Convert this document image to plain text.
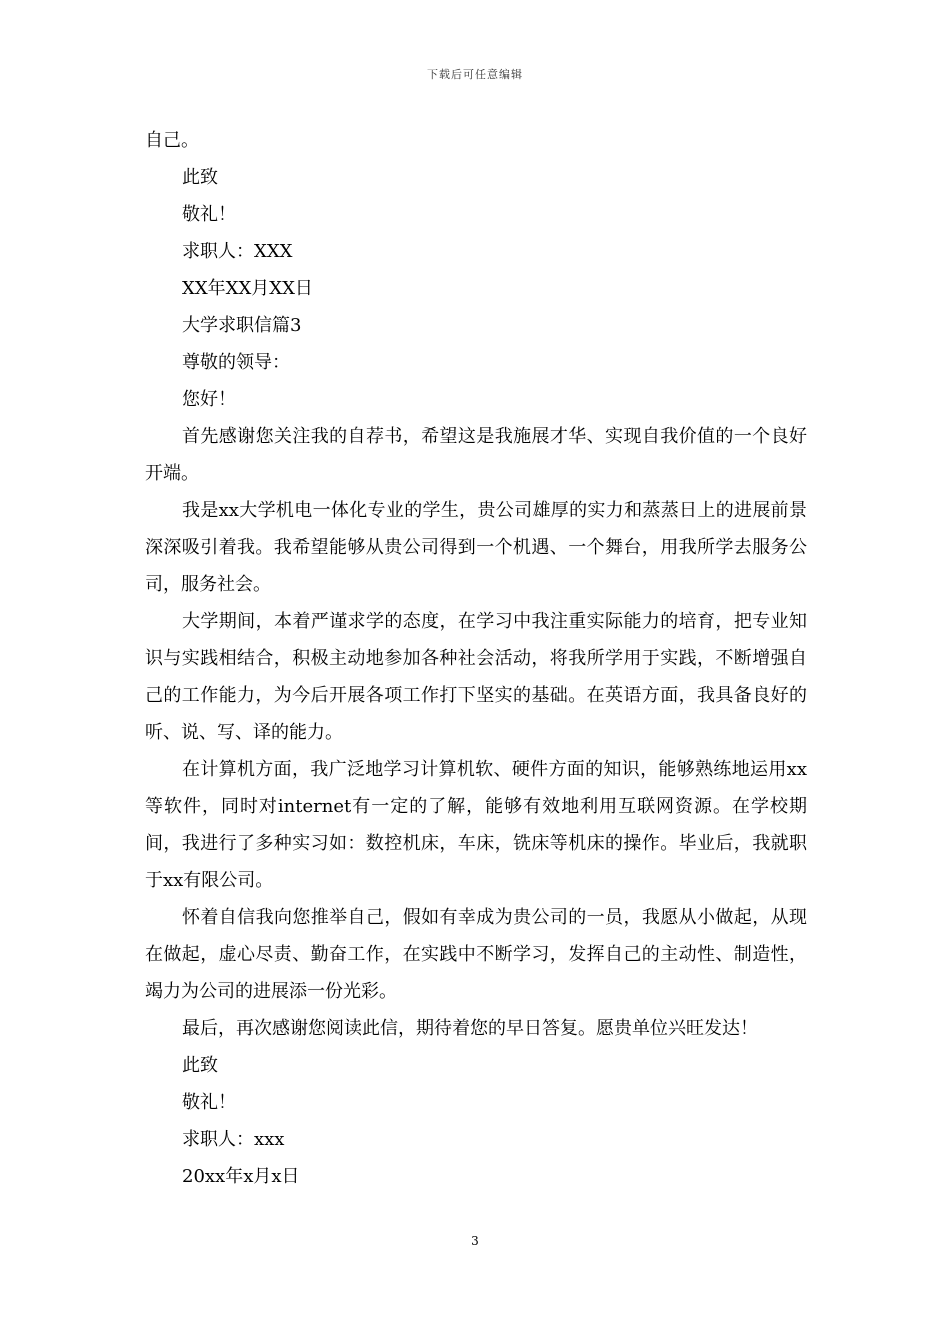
下载后可任意编辑

自己。

此致

敬礼！

求职人：XXX

XX年XX月XX日

大学求职信篇3

尊敬的领导：

您好！

首先感谢您关注我的自荐书，希望这是我施展才华、实现自我价值的一个良好开端。

我是xx大学机电一体化专业的学生，贵公司雄厚的实力和蒸蒸日上的进展前景深深吸引着我。我希望能够从贵公司得到一个机遇、一个舞台，用我所学去服务公司，服务社会。

大学期间，本着严谨求学的态度，在学习中我注重实际能力的培育，把专业知识与实践相结合，积极主动地参加各种社会活动，将我所学用于实践，不断增强自己的工作能力，为今后开展各项工作打下坚实的基础。在英语方面，我具备良好的听、说、写、译的能力。

在计算机方面，我广泛地学习计算机软、硬件方面的知识，能够熟练地运用xx等软件，同时对internet有一定的了解，能够有效地利用互联网资源。在学校期间，我进行了多种实习如：数控机床，车床，铣床等机床的操作。毕业后，我就职于xx有限公司。

怀着自信我向您推举自己，假如有幸成为贵公司的一员，我愿从小做起，从现在做起，虚心尽责、勤奋工作，在实践中不断学习，发挥自己的主动性、制造性，竭力为公司的进展添一份光彩。

最后，再次感谢您阅读此信，期待着您的早日答复。愿贵单位兴旺发达！

此致

敬礼！

求职人：xxx

20xx年x月x日

3
